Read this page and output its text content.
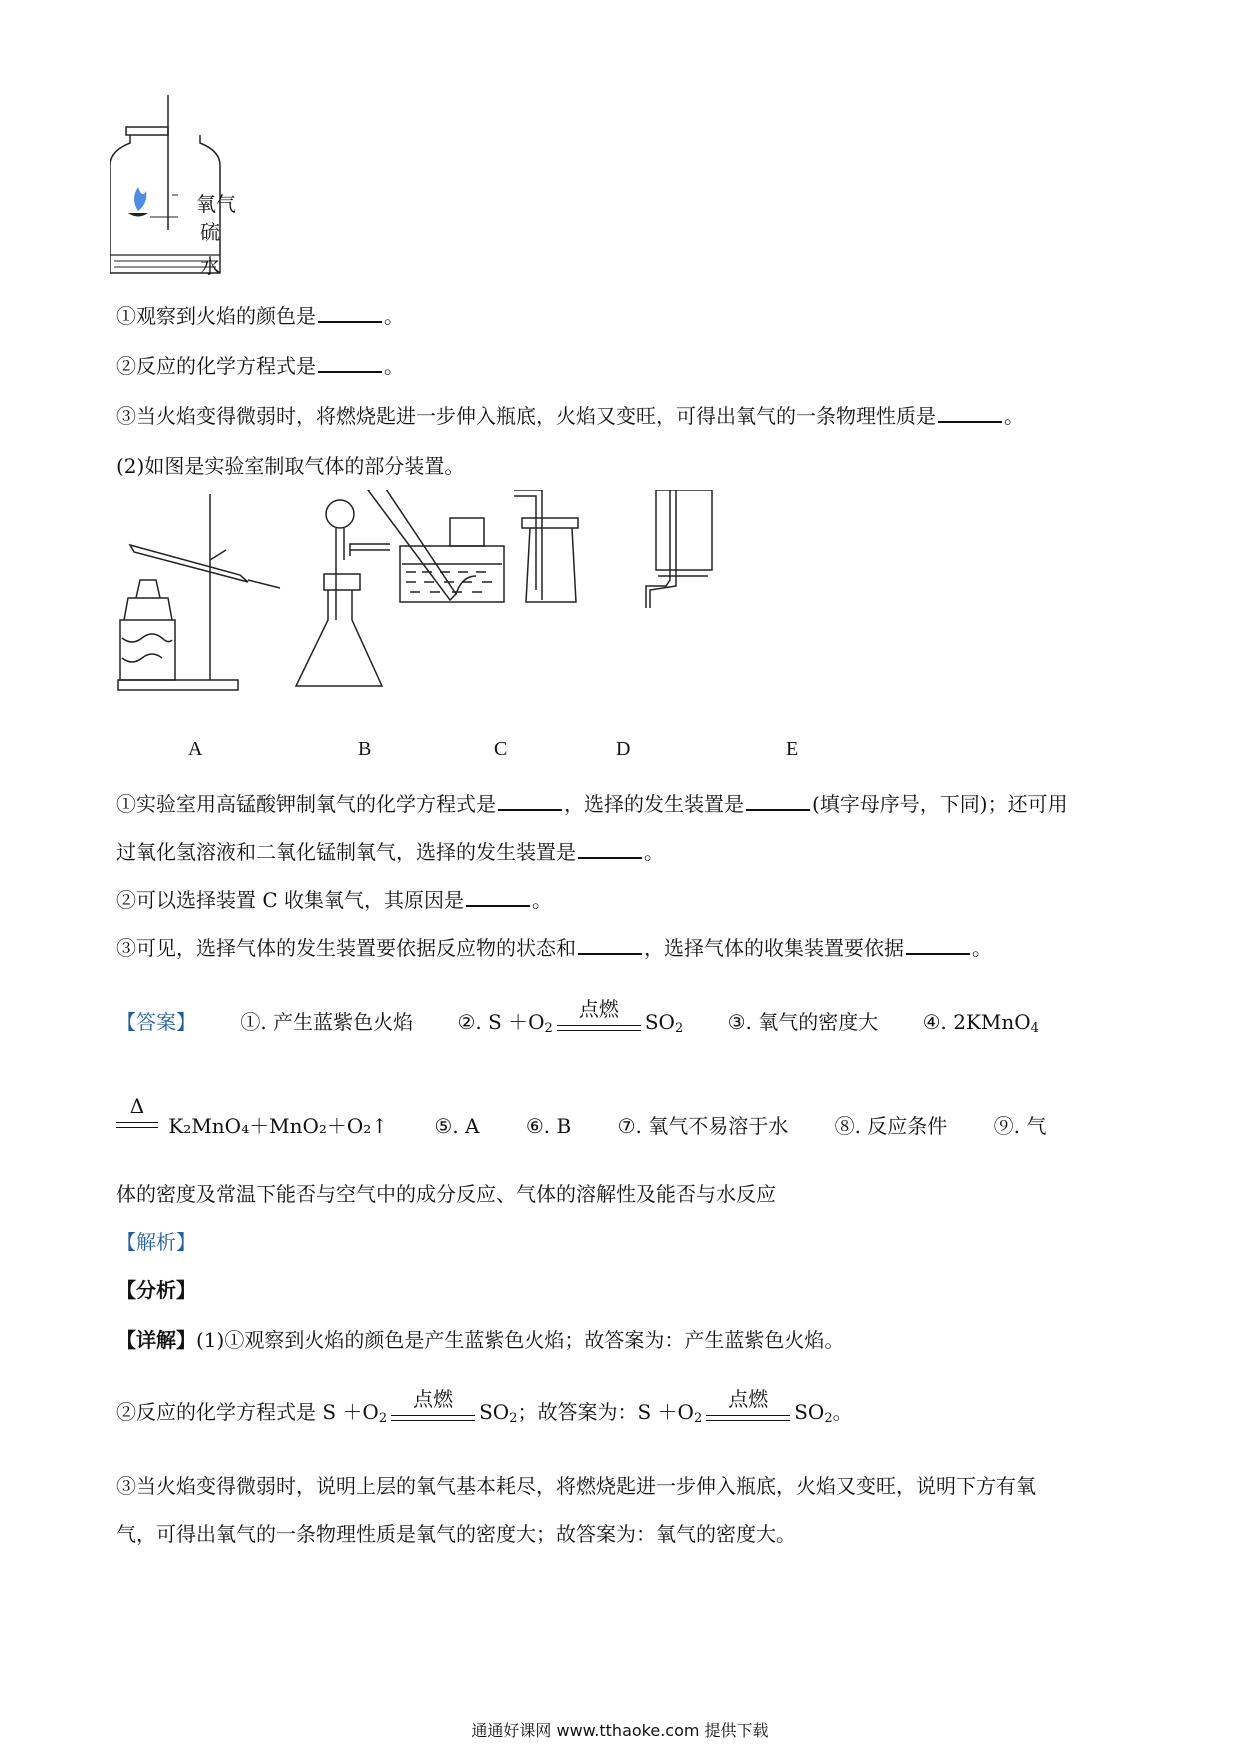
氧气
硫
水
①观察到火焰的颜色是	。
②反应的化学方程式是	。
③当火焰变得微弱时，将燃烧匙进一步伸入瓶底，火焰又变旺，可得出氧气的一条物理性质是	。
(2)如图是实验室制取气体的部分装置。
A	B	C	D	E
①实验室用高锰酸钾制氧气的化学方程式是	，选择的发生装置是	(填字母序号，下同)；还可用
过氧化氢溶液和二氧化锰制氧气，选择的发生装置是	。
②可以选择装置 C 收集氧气，其原因是	。
③可见，选择气体的发生装置要依据反应物的状态和	，选择气体的收集装置要依据	。
【答案】 ①. 产生蓝紫色火焰 ②. $S +O_2$
点燃
$SO_2$ ③. 氧气的密度大 ④. 2KMnO$_4$
Δ
K₂MnO₄＋MnO₂＋O₂↑ ⑤. A ⑥. B ⑦. 氧气不易溶于水 ⑧. 反应条件 ⑨. 气
体的密度及常温下能否与空气中的成分反应、气体的溶解性及能否与水反应
【解析】
【分析】
【详解】(1)①观察到火焰的颜色是产生蓝紫色火焰；故答案为：产生蓝紫色火焰。
②反应的化学方程式是 $S +O_2$
点燃
$SO_2$；故答案为：$S +O_2$
点燃
$SO_2$。
③当火焰变得微弱时，说明上层的氧气基本耗尽，将燃烧匙进一步伸入瓶底，火焰又变旺，说明下方有氧
气，可得出氧气的一条物理性质是氧气的密度大；故答案为：氧气的密度大。
通通好课网 www.tthaoke.com 提供下载
